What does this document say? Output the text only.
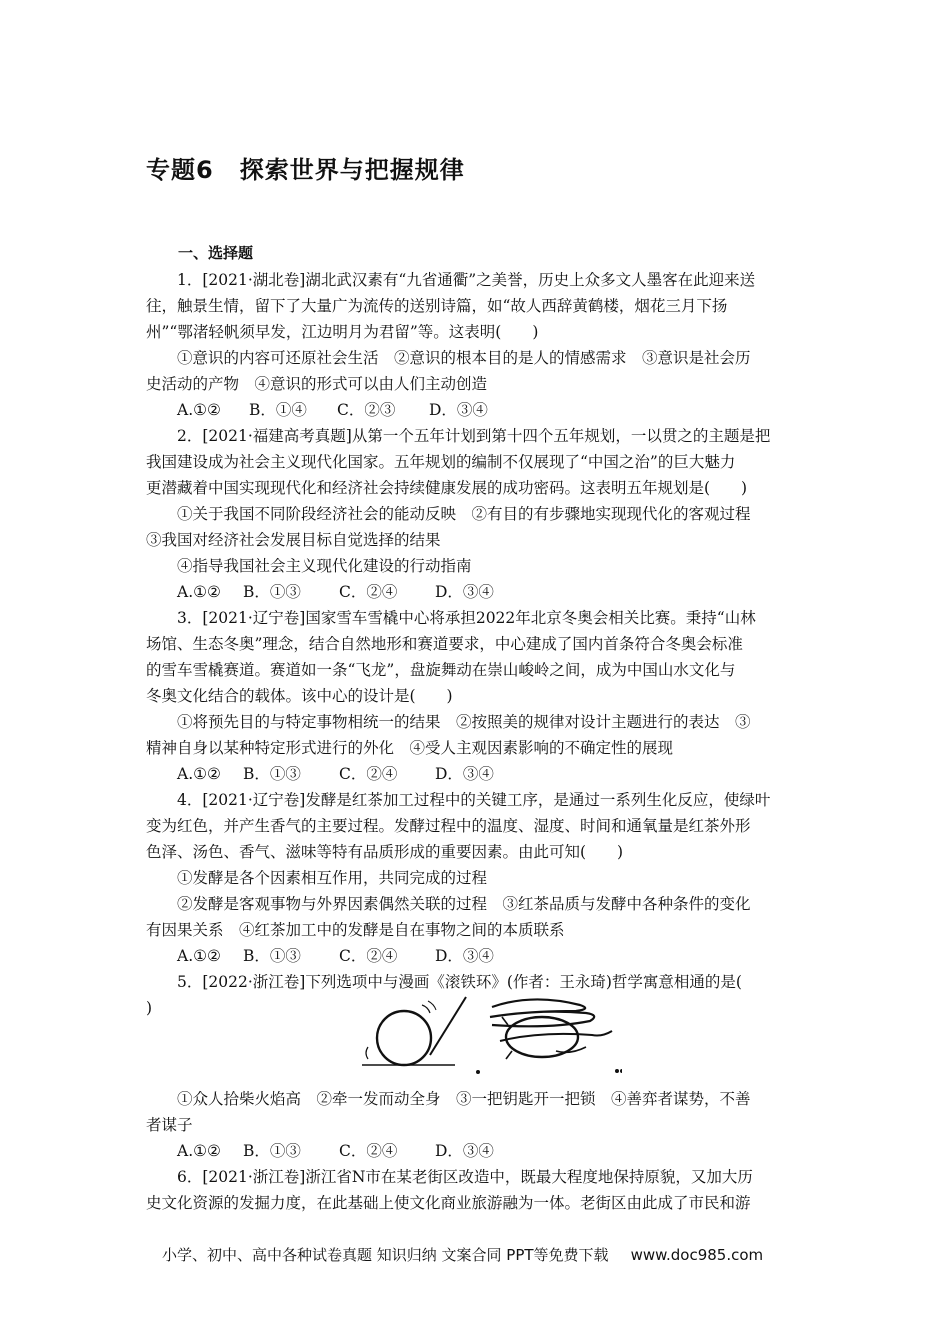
专题6 探索世界与把握规律
一、选择题
1．[2021·湖北卷]湖北武汉素有“九省通衢”之美誉，历史上众多文人墨客在此迎来送
往，触景生情，留下了大量广为流传的送别诗篇，如“故人西辞黄鹤楼，烟花三月下扬
州”“鄂渚轻帆须早发，江边明月为君留”等。这表明(　　)
①意识的内容可还原社会生活　②意识的根本目的是人的情感需求　③意识是社会历
史活动的产物　④意识的形式可以由人们主动创造
A.①② B．①④ C．②③ D．③④
2．[2021·福建高考真题]从第一个五年计划到第十四个五年规划，一以贯之的主题是把
我国建设成为社会主义现代化国家。五年规划的编制不仅展现了“中国之治”的巨大魅力
更潜藏着中国实现现代化和经济社会持续健康发展的成功密码。这表明五年规划是(　　)
①关于我国不同阶段经济社会的能动反映　②有目的有步骤地实现现代化的客观过程
③我国对经济社会发展目标自觉选择的结果
④指导我国社会主义现代化建设的行动指南
A.①② B．①③ C．②④ D．③④
3．[2021·辽宁卷]国家雪车雪橇中心将承担2022年北京冬奥会相关比赛。秉持“山林
场馆、生态冬奥”理念，结合自然地形和赛道要求，中心建成了国内首条符合冬奥会标准
的雪车雪橇赛道。赛道如一条“飞龙”，盘旋舞动在崇山峻岭之间，成为中国山水文化与
冬奥文化结合的载体。该中心的设计是(　　)
①将预先目的与特定事物相统一的结果　②按照美的规律对设计主题进行的表达　③
精神自身以某种特定形式进行的外化　④受人主观因素影响的不确定性的展现
A.①② B．①③ C．②④ D．③④
4．[2021·辽宁卷]发酵是红茶加工过程中的关键工序，是通过一系列生化反应，使绿叶
变为红色，并产生香气的主要过程。发酵过程中的温度、湿度、时间和通氧量是红茶外形
色泽、汤色、香气、滋味等特有品质形成的重要因素。由此可知(　　)
①发酵是各个因素相互作用，共同完成的过程
②发酵是客观事物与外界因素偶然关联的过程　③红茶品质与发酵中各种条件的变化
有因果关系　④红茶加工中的发酵是自在事物之间的本质联系
A.①② B．①③ C．②④ D．③④
5．[2022·浙江卷]下列选项中与漫画《滚铁环》(作者：王永琦)哲学寓意相通的是(
)
①众人拾柴火焰高　②牵一发而动全身　③一把钥匙开一把锁　④善弈者谋势，不善
者谋子
A.①② B．①③ C．②④ D．③④
6．[2021·浙江卷]浙江省N市在某老街区改造中，既最大程度地保持原貌，又加大历
史文化资源的发掘力度，在此基础上使文化商业旅游融为一体。老街区由此成了市民和游
小学、初中、高中各种试卷真题 知识归纳 文案合同 PPT等免费下载 www.doc985.com
